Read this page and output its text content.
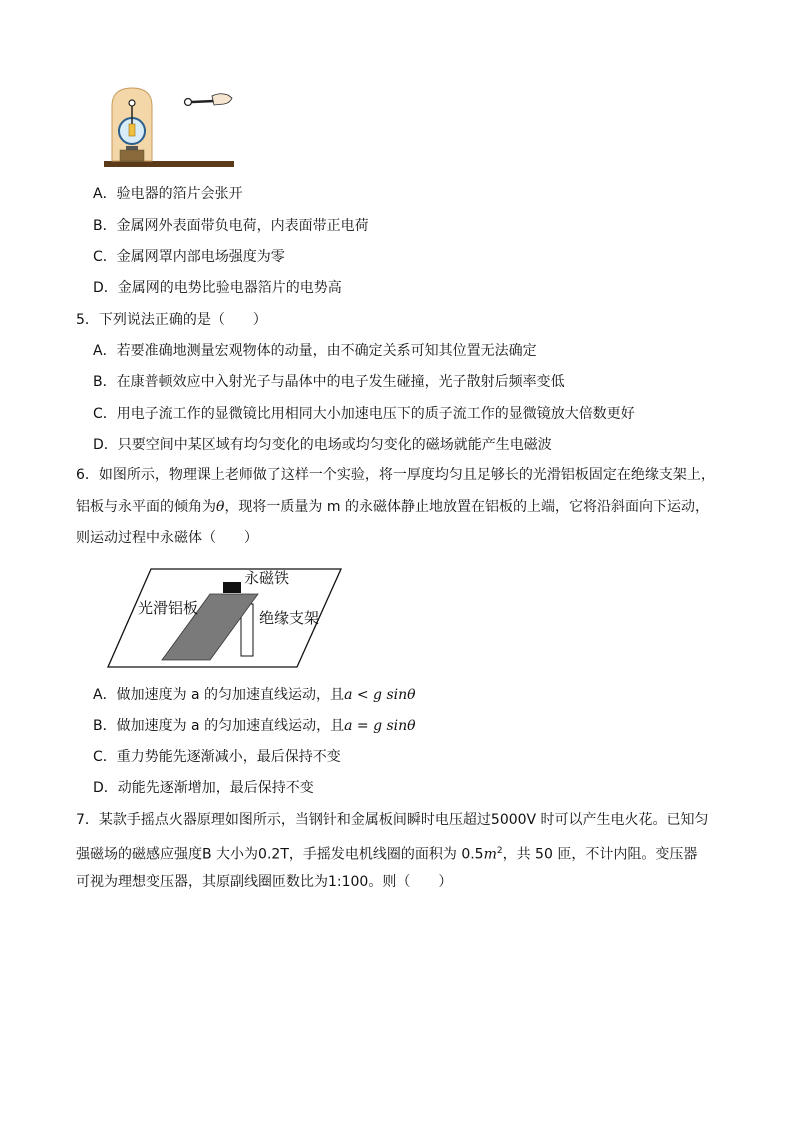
A．验电器的箔片会张开
B．金属网外表面带负电荷，内表面带正电荷
C．金属网罩内部电场强度为零
D．金属网的电势比验电器箔片的电势高
5．下列说法正确的是（　　）
A．若要准确地测量宏观物体的动量，由不确定关系可知其位置无法确定
B．在康普顿效应中入射光子与晶体中的电子发生碰撞，光子散射后频率变低
C．用电子流工作的显微镜比用相同大小加速电压下的质子流工作的显微镜放大倍数更好
D．只要空间中某区域有均匀变化的电场或均匀变化的磁场就能产生电磁波
6．如图所示，物理课上老师做了这样一个实验，将一厚度均匀且足够长的光滑铝板固定在绝缘支架上，
铝板与永平面的倾角为θ，现将一质量为 m 的永磁体静止地放置在铝板的上端，它将沿斜面向下运动，
则运动过程中永磁体（　　）
永磁铁
光滑铝板
绝缘支架
A．做加速度为 a 的匀加速直线运动，且a < g sinθ
B．做加速度为 a 的匀加速直线运动，且a = g sinθ
C．重力势能先逐渐减小，最后保持不变
D．动能先逐渐增加，最后保持不变
7．某款手摇点火器原理如图所示，当钢针和金属板间瞬时电压超过5000V 时可以产生电火花。已知匀
强磁场的磁感应强度B 大小为0.2T，手摇发电机线圈的面积为 $0.5m^2$，共 50 匝，不计内阻。变压器
可视为理想变压器，其原副线圈匝数比为1:100。则（　　）
